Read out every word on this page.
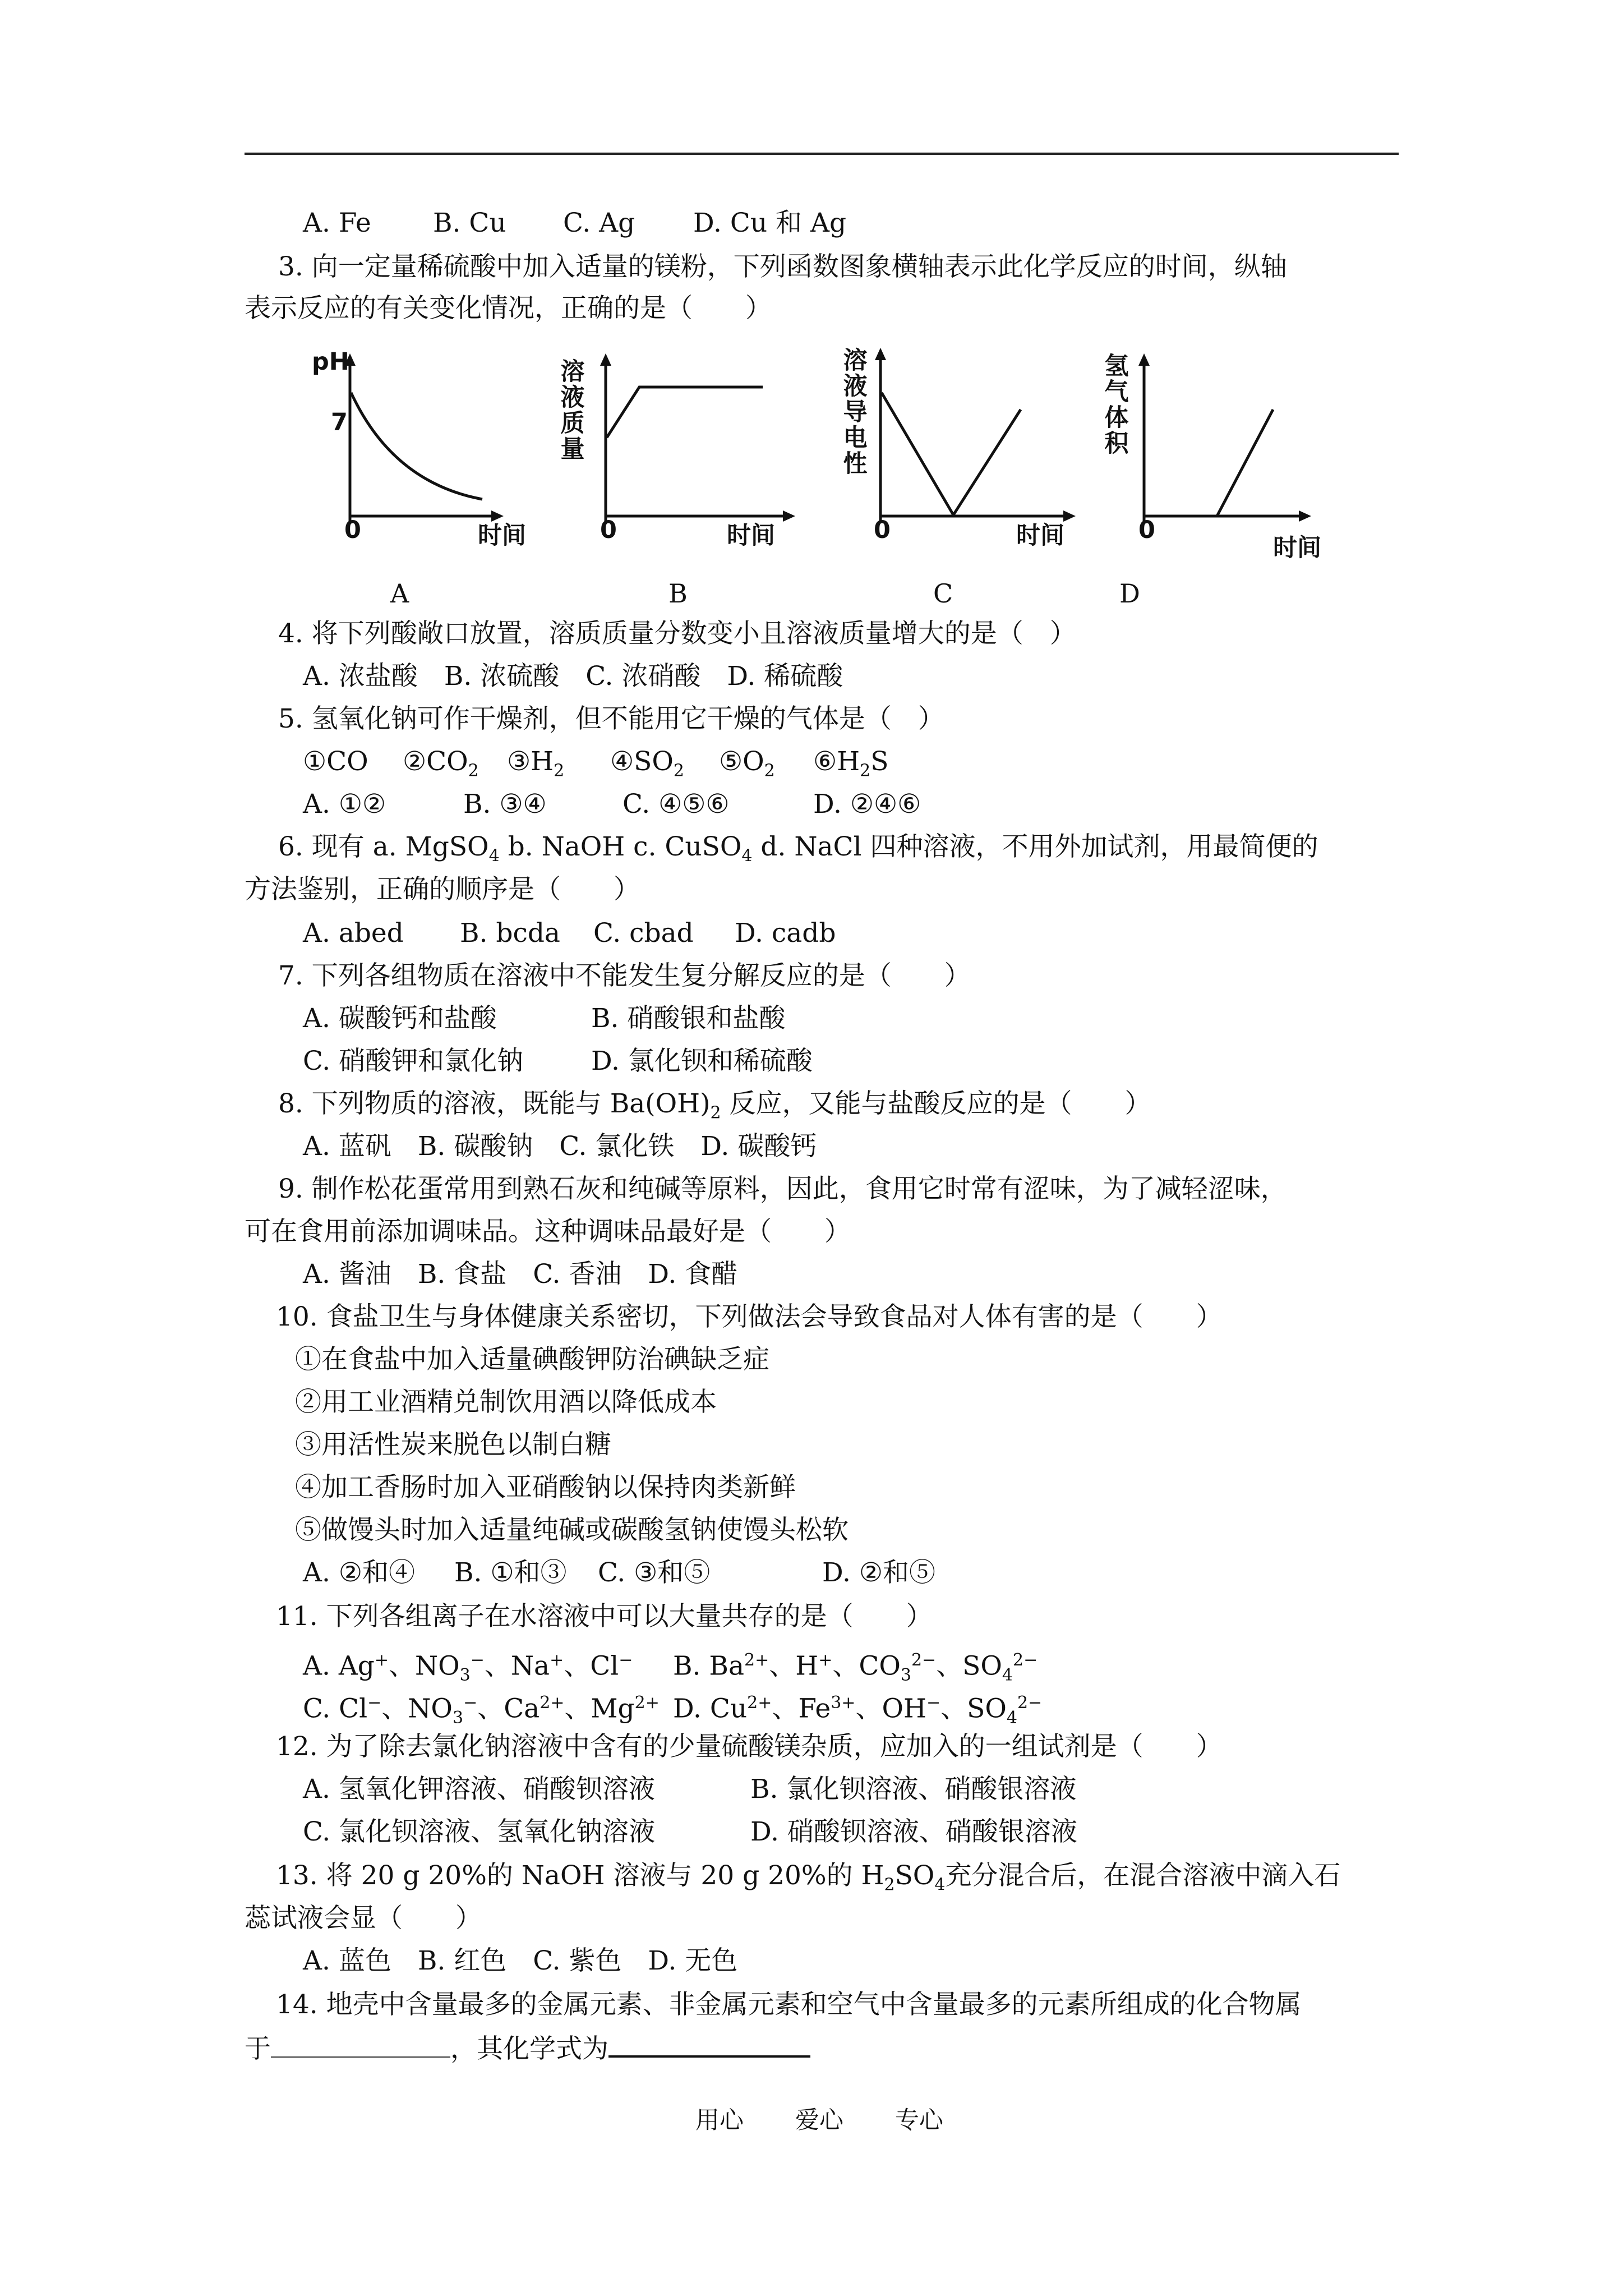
A. Fe B. Cu C. Ag D. Cu 和 Ag
3. 向一定量稀硫酸中加入适量的镁粉，下列函数图象横轴表示此化学反应的时间，纵轴
表示反应的有关变化情况，正确的是（　　）
pH
7
0	时间
A
溶液质量
0	时间
B
溶液导电性
0	时间
C
氢气体积
0
时间
D
4. 将下列酸敞口放置，溶质质量分数变小且溶液质量增大的是（　）
A. 浓盐酸　B. 浓硫酸　C. 浓硝酸　D. 稀硫酸
5. 氢氧化钠可作干燥剂，但不能用它干燥的气体是（　）
①CO $②CO_2$ $③H_2$ $④SO_2$ $⑤O_2$ $⑥H_2S$
A. ①②	B. ③④	C. ④⑤⑥	D. ②④⑥
6. 现有 a. MgSO$_4$ b. NaOH c. CuSO$_4$ d. NaCl 四种溶液，不用外加试剂，用最简便的
方法鉴别，正确的顺序是（　　）
A. abed B. bcda C. cbad D. cadb
7. 下列各组物质在溶液中不能发生复分解反应的是（　　）
A. 碳酸钙和盐酸	B. 硝酸银和盐酸
C. 硝酸钾和氯化钠	D. 氯化钡和稀硫酸
8. 下列物质的溶液，既能与 $Ba(OH)_2$ 反应，又能与盐酸反应的是（　　）
A. 蓝矾　B. 碳酸钠　C. 氯化铁　D. 碳酸钙
9. 制作松花蛋常用到熟石灰和纯碱等原料，因此，食用它时常有涩味，为了减轻涩味，
可在食用前添加调味品。这种调味品最好是（　　）
A. 酱油　B. 食盐　C. 香油　D. 食醋
10. 食盐卫生与身体健康关系密切，下列做法会导致食品对人体有害的是（　　）
①在食盐中加入适量碘酸钾防治碘缺乏症
②用工业酒精兑制饮用酒以降低成本
③用活性炭来脱色以制白糖
④加工香肠时加入亚硝酸钠以保持肉类新鲜
⑤做馒头时加入适量纯碱或碳酸氢钠使馒头松软
A. ②和④ B. ①和③ C. ③和⑤	D. ②和⑤
11. 下列各组离子在水溶液中可以大量共存的是（　　）
A. Ag+、$NO_3^-$、Na+、Cl− B. $Ba^{2+}$、H+、$CO_3^{2-}$、$SO_4^{2-}$
C. Cl−、$NO_3^-$、$Ca^{2+}$、$Mg^{2+}$ D. $Cu^{2+}$、$Fe^{3+}$、OH−、$SO_4^{2-}$
12. 为了除去氯化钠溶液中含有的少量硫酸镁杂质，应加入的一组试剂是（　　）
A. 氢氧化钾溶液、硝酸钡溶液	B. 氯化钡溶液、硝酸银溶液
C. 氯化钡溶液、氢氧化钠溶液	D. 硝酸钡溶液、硝酸银溶液
13. 将 20 g 20%的 NaOH 溶液与 20 g 20%的 $H_2SO_4$充分混合后，在混合溶液中滴入石
蕊试液会显（　　）
A. 蓝色　B. 红色　C. 紫色　D. 无色
14. 地壳中含量最多的金属元素、非金属元素和空气中含量最多的元素所组成的化合物属
于	，其化学式为
用心 爱心 专心
